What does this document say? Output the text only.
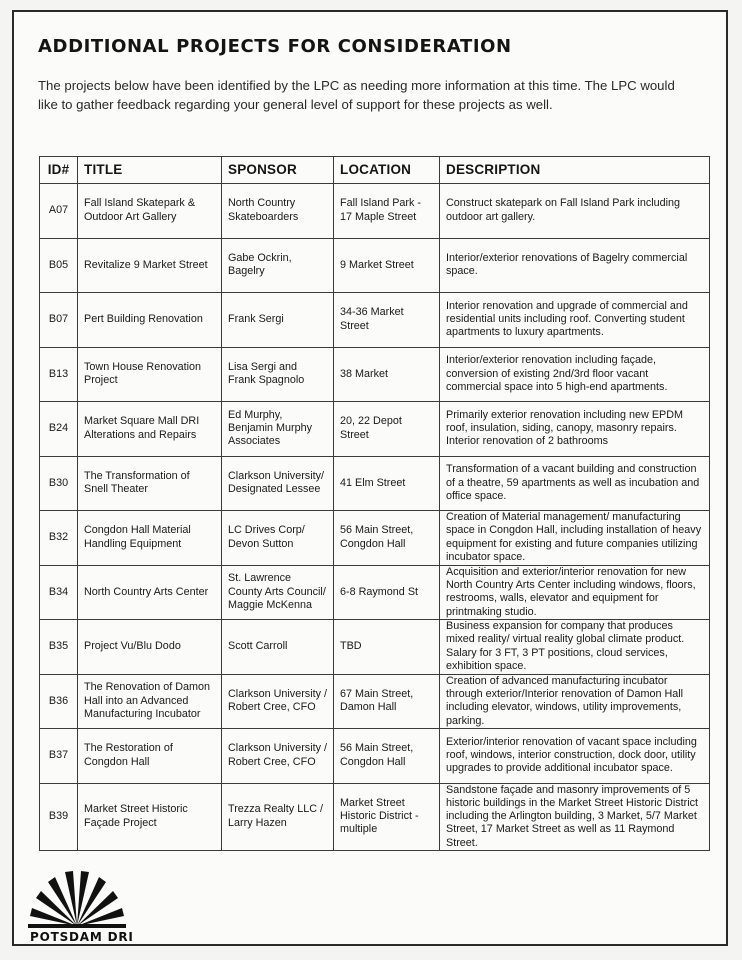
ADDITIONAL PROJECTS FOR CONSIDERATION
The projects below have been identified by the LPC as needing more information at this time. The LPC would like to gather feedback regarding your general level of support for these projects as well.
ID#	TITLE	SPONSOR	LOCATION	DESCRIPTION
A07	Fall Island Skatepark & Outdoor Art Gallery	North Country Skateboarders	Fall Island Park - 17 Maple Street	Construct skatepark on Fall Island Park including outdoor art gallery.
B05	Revitalize 9 Market Street	Gabe Ockrin, Bagelry	9 Market Street	Interior/exterior renovations of Bagelry commercial space.
B07	Pert Building Renovation	Frank Sergi	34-36 Market Street	Interior renovation and upgrade of commercial and residential units including roof. Converting student apartments to luxury apartments.
B13	Town House Renovation Project	Lisa Sergi and Frank Spagnolo	38 Market	Interior/exterior renovation including façade, conversion of existing 2nd/3rd floor vacant commercial space into 5 high-end apartments.
B24	Market Square Mall DRI Alterations and Repairs	Ed Murphy, Benjamin Murphy Associates	20, 22 Depot Street	Primarily exterior renovation including new EPDM roof, insulation, siding, canopy, masonry repairs. Interior renovation of 2 bathrooms
B30	The Transformation of Snell Theater	Clarkson University/ Designated Lessee	41 Elm Street	Transformation of a vacant building and construction of a theatre, 59 apartments as well as incubation and office space.
B32	Congdon Hall Material Handling Equipment	LC Drives Corp/ Devon Sutton	56 Main Street, Congdon Hall	Creation of Material management/ manufacturing space in Congdon Hall, including installation of heavy equipment for existing and future companies utilizing incubator space.
B34	North Country Arts Center	St. Lawrence County Arts Council/ Maggie McKenna	6-8 Raymond St	Acquisition and exterior/interior renovation for new North Country Arts Center including windows, floors, restrooms, walls, elevator and equipment for printmaking studio.
B35	Project Vu/Blu Dodo	Scott Carroll	TBD	Business expansion for company that produces mixed reality/ virtual reality global climate product. Salary for 3 FT, 3 PT positions, cloud services, exhibition space.
B36	The Renovation of Damon Hall into an Advanced Manufacturing Incubator	Clarkson University / Robert Cree, CFO	67 Main Street, Damon Hall	Creation of advanced manufacturing incubator through exterior/Interior renovation of Damon Hall including elevator, windows, utility improvements, parking.
B37	The Restoration of Congdon Hall	Clarkson University / Robert Cree, CFO	56 Main Street, Congdon Hall	Exterior/interior renovation of vacant space including roof, windows, interior construction, dock door, utility upgrades to provide additional incubator space.
B39	Market Street Historic Façade Project	Trezza Realty LLC / Larry Hazen	Market Street Historic District - multiple	Sandstone façade and masonry improvements of 5 historic buildings in the Market Street Historic District including the Arlington building, 3 Market, 5/7 Market Street, 17 Market Street as well as 11 Raymond Street.
POTSDAM DRI
